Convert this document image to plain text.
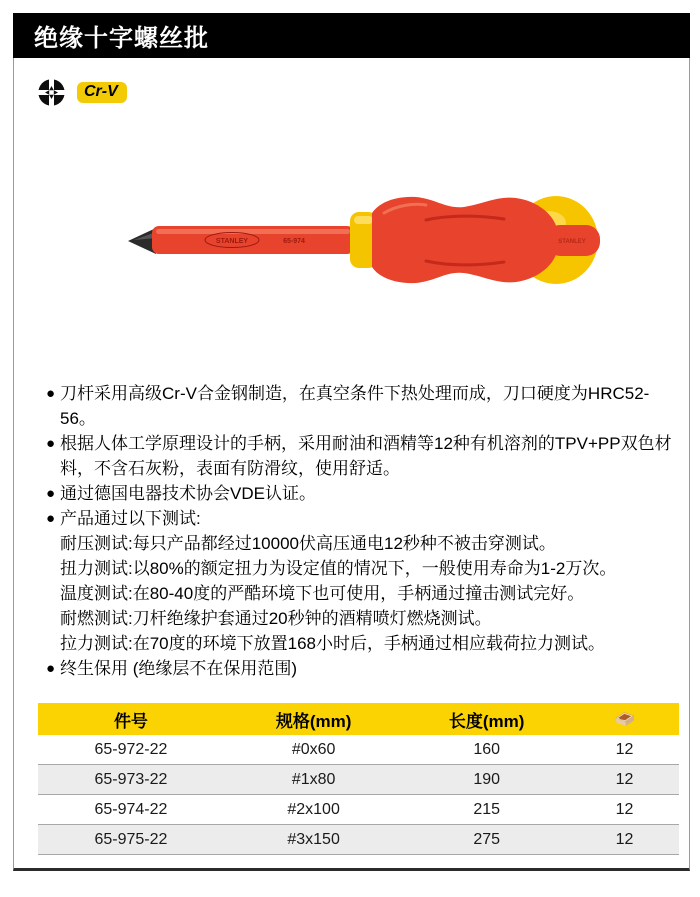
绝缘十字螺丝批
Cr-V
STANLEY	65-974	STANLEY
● 刀杆采用高级Cr-V合金钢制造，在真空条件下热处理而成，刀口硬度为HRC52-56。
● 根据人体工学原理设计的手柄，采用耐油和酒精等12种有机溶剂的TPV+PP双色材料，不含石灰粉，表面有防滑纹，使用舒适。
● 通过德国电器技术协会VDE认证。
● 产品通过以下测试:
耐压测试:每只产品都经过10000伏高压通电12秒种不被击穿测试。
扭力测试:以80%的额定扭力为设定值的情况下，一般使用寿命为1-2万次。
温度测试:在80-40度的严酷环境下也可使用，手柄通过撞击测试完好。
耐燃测试:刀杆绝缘护套通过20秒钟的酒精喷灯燃烧测试。
拉力测试:在70度的环境下放置168小时后，手柄通过相应载荷拉力测试。
● 终生保用 (绝缘层不在保用范围)
件号	规格(mm)	长度(mm)	

65-972-22	#0x60	160	12
65-973-22	#1x80	190	12
65-974-22	#2x100	215	12
65-975-22	#3x150	275	12
